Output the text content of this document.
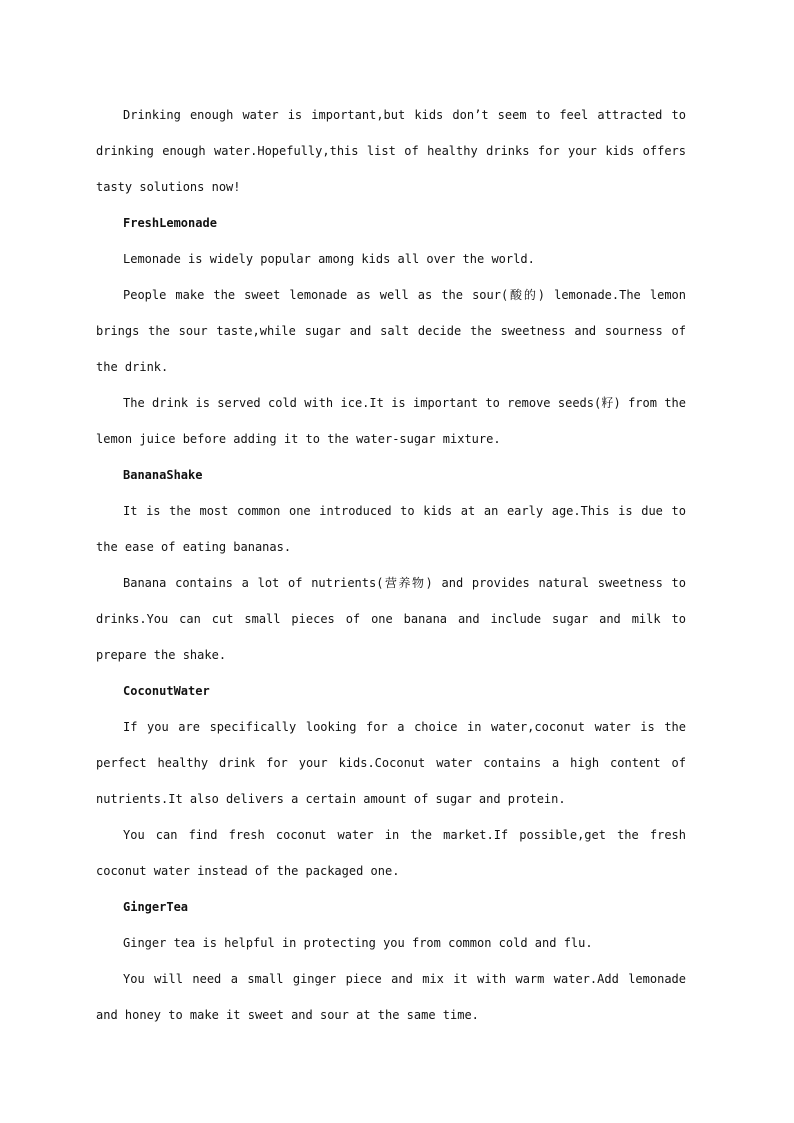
Drinking enough water is important,but kids don’t seem to feel attracted to drinking enough water.Hopefully,this list of healthy drinks for your kids offers tasty solutions now!

FreshLemonade

Lemonade is widely popular among kids all over the world.

People make the sweet lemonade as well as the sour(酸的) lemonade.The lemon brings the sour taste,while sugar and salt decide the sweetness and sourness of the drink.

The drink is served cold with ice.It is important to remove seeds(籽) from the lemon juice before adding it to the water-sugar mixture.

BananaShake

It is the most common one introduced to kids at an early age.This is due to the ease of eating bananas.

Banana contains a lot of nutrients(营养物) and provides natural sweetness to drinks.You can cut small pieces of one banana and include sugar and milk to prepare the shake.

CoconutWater

If you are specifically looking for a choice in water,coconut water is the perfect healthy drink for your kids.Coconut water contains a high content of nutrients.It also delivers a certain amount of sugar and protein.

You can find fresh coconut water in the market.If possible,get the fresh coconut water instead of the packaged one.

GingerTea

Ginger tea is helpful in protecting you from common cold and flu.

You will need a small ginger piece and mix it with warm water.Add lemonade and honey to make it sweet and sour at the same time.
